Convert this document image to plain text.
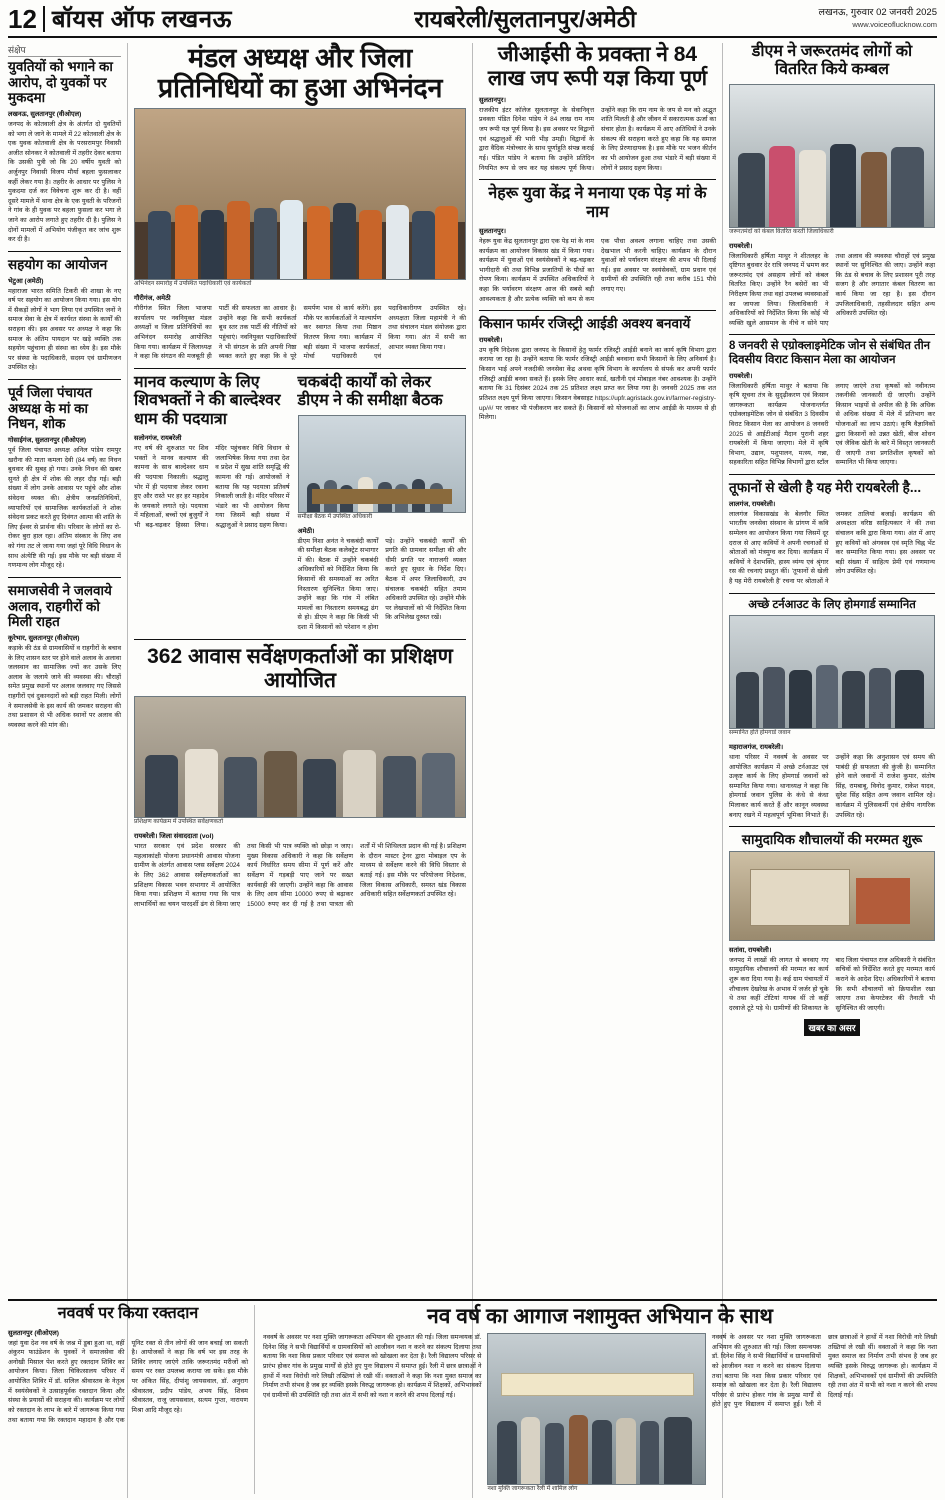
12 बॉयस ऑफ लखनऊ	रायबरेली/सुलतानपुर/अमेठी	लखनऊ, गुरुवार 02 जनवरी 2025
www.voiceoflucknow.com
संक्षेप
युवतियों को भगाने का आरोप, दो युवकों पर मुकदमा
लखनऊ, सुलतानपुर (वीओएल)
जनपद के कोतवाली क्षेत्र के अंतर्गत दो युवतियों को भगा ले जाने के मामले में 22 कोतवाली क्षेत्र के एक युवक कोतवाली क्षेत्र के परसरामपुर निवासी अजीत सोनकर ने कोतवाली में तहरीर देकर बताया कि उसकी पुत्री जो कि 20 वर्षीय युवती को अर्जुनपुर निवासी विजय मौर्या बहला फुसलाकर कहीं लेकर गया है। तहरीर के आधार पर पुलिस ने मुकदमा दर्ज कर विवेचना शुरू कर दी है। वहीं दूसरे मामले में थाना क्षेत्र के एक युवती के परिजनों ने गांव के ही युवक पर बहला फुसला कर भगा ले जाने का आरोप लगाते हुए तहरीर दी है। पुलिस ने दोनों मामलों में अभियोग पंजीकृत कर जांच शुरू कर दी है।
सहयोग का आयोजन
भेटुआ (अमेठी)
महाराजा भारत समिति टिकरी की शाखा के नए वर्ष पर सहयोग का आयोजन किया गया। इस योग में सैकड़ों लोगों ने भाग लिया एवं उपस्थित जनों ने समाज सेवा के क्षेत्र में कार्यरत संस्था के कार्यों की सराहना की। इस अवसर पर अध्यक्ष ने कहा कि समाज के अंतिम पायदान पर खड़े व्यक्ति तक सहयोग पहुंचाना ही संस्था का ध्येय है। इस मौके पर संस्था के पदाधिकारी, सदस्य एवं ग्रामीणजन उपस्थित रहे।
पूर्व जिला पंचायत अध्यक्ष के मां का निधन, शोक
गोसाईगंज, सुलतानपुर (वीओएल)
पूर्व जिला पंचायत अध्यक्ष अनिल पांडेय रामपुर खरौना की माता कमला देवी (84 वर्ष) का निधन बुधवार की सुबह हो गया। उनके निधन की खबर सुनते ही क्षेत्र में शोक की लहर दौड़ गई। बड़ी संख्या में लोग उनके आवास पर पहुंचे और शोक संवेदना व्यक्त की। क्षेत्रीय जनप्रतिनिधियों, व्यापारियों एवं सामाजिक कार्यकर्ताओं ने शोक संवेदना प्रकट करते हुए दिवंगत आत्मा की शांति के लिए ईश्वर से प्रार्थना की। परिवार के लोगों का रो-रोकर बुरा हाल रहा। अंतिम संस्कार के लिए शव को गंगा तट ले जाया गया जहां पूरे विधि विधान के साथ अंत्येष्टि की गई। इस मौके पर बड़ी संख्या में गणमान्य लोग मौजूद रहे।
समाजसेवी ने जलवाये अलाव, राहगीरों को मिली राहत
कूरेभार, सुलतानपुर (वीओएल)
कड़ाके की ठंड से ग्रामवासियों व राहगीरों के बचाव के लिए शासन स्तर पर होने वाले अलाव के अलावा जलस्थान का सामाजिक ज्यों कर उसके लिए अलाव के जलाये जाने की व्यवस्था की। चौराहों समेत प्रमुख स्थानों पर अलाव जलवाए गए जिससे राहगीरों एवं दुकानदारों को बड़ी राहत मिली। लोगों ने समाजसेवी के इस कार्य की जमकर सराहना की तथा प्रशासन से भी अधिक स्थानों पर अलाव की व्यवस्था करने की मांग की।
मंडल अध्यक्ष और जिला प्रतिनिधियों का हुआ अभिनंदन
अभिनंदन समारोह में उपस्थित पदाधिकारी एवं कार्यकर्ता
गौरीगंज, अमेठी
गौरीगंज स्थित जिला भाजपा कार्यालय पर नवनियुक्त मंडल अध्यक्षों व जिला प्रतिनिधियों का अभिनंदन समारोह आयोजित किया गया। कार्यक्रम में जिलाध्यक्ष ने कहा कि संगठन की मजबूती ही पार्टी की सफलता का आधार है। उन्होंने कहा कि सभी कार्यकर्ता बूथ स्तर तक पार्टी की नीतियों को पहुंचाएं। नवनियुक्त पदाधिकारियों ने भी संगठन के प्रति अपनी निष्ठा व्यक्त करते हुए कहा कि वे पूरे समर्पण भाव से कार्य करेंगे। इस मौके पर कार्यकर्ताओं ने माल्यार्पण कर स्वागत किया तथा मिष्ठान वितरण किया गया। कार्यक्रम में बड़ी संख्या में भाजपा कार्यकर्ता, मोर्चा पदाधिकारी एवं पदाधिकारीगण उपस्थित रहे। अध्यक्षता जिला महामंत्री ने की तथा संचालन मंडल संयोजक द्वारा किया गया। अंत में सभी का आभार व्यक्त किया गया।
मानव कल्याण के लिए शिवभक्तों ने की बाल्देश्वर धाम की पदयात्रा
सलोनगंज, रायबरेली
नए वर्ष की शुरुआत पर शिव भक्तों ने मानव कल्याण की कामना के साथ बाल्देश्वर धाम की पदयात्रा निकाली। श्रद्धालु भोर में ही पदयात्रा लेकर रवाना हुए और रास्ते भर हर हर महादेव के जयकारे लगाते रहे। पदयात्रा में महिलाओं, बच्चों एवं बुजुर्गों ने भी बढ़-चढ़कर हिस्सा लिया। मंदिर पहुंचकर विधि विधान से जलाभिषेक किया गया तथा देश व प्रदेश में सुख शांति समृद्धि की कामना की गई। आयोजकों ने बताया कि यह पदयात्रा प्रतिवर्ष निकाली जाती है। मंदिर परिसर में भंडारे का भी आयोजन किया गया जिसमें बड़ी संख्या में श्रद्धालुओं ने प्रसाद ग्रहण किया।
चकबंदी कार्यों को लेकर डीएम ने की समीक्षा बैठक
समीक्षा बैठक में उपस्थित अधिकारी
अमेठी।
डीएम निशा अनंत ने चकबंदी कार्यों की समीक्षा बैठक कलेक्ट्रेट सभागार में की। बैठक में उन्होंने चकबंदी अधिकारियों को निर्देशित किया कि किसानों की समस्याओं का त्वरित निस्तारण सुनिश्चित किया जाए। उन्होंने कहा कि गांव में लंबित मामलों का निस्तारण समयबद्ध ढंग से हो। डीएम ने कहा कि किसी भी दशा में किसानों को परेशान न होना पड़े। उन्होंने चकबंदी कार्यों की प्रगति की ग्रामवार समीक्षा की और धीमी प्रगति पर नाराजगी व्यक्त करते हुए सुधार के निर्देश दिए। बैठक में अपर जिलाधिकारी, उप संचालक चकबंदी सहित तमाम अधिकारी उपस्थित रहे। उन्होंने मौके पर लेखपालों को भी निर्देशित किया कि अभिलेख दुरुस्त रखें।
362 आवास सर्वेक्षणकर्ताओं का प्रशिक्षण आयोजित
प्रशिक्षण कार्यक्रम में उपस्थित सर्वेक्षणकर्ता
रायबरेली। जिला संवाददाता (vol)
भारत सरकार एवं प्रदेश सरकार की महत्वाकांक्षी योजना प्रधानमंत्री आवास योजना ग्रामीण के अंतर्गत आवास प्लस सर्वेक्षण 2024 के लिए 362 आवास सर्वेक्षणकर्ताओं का प्रशिक्षण विकास भवन सभागार में आयोजित किया गया। प्रशिक्षण में बताया गया कि पात्र लाभार्थियों का चयन पारदर्शी ढंग से किया जाए तथा किसी भी पात्र व्यक्ति को छोड़ा न जाए। मुख्य विकास अधिकारी ने कहा कि सर्वेक्षण कार्य निर्धारित समय सीमा में पूर्ण करें और सर्वेक्षण में गड़बड़ी पाए जाने पर सख्त कार्यवाही की जाएगी। उन्होंने कहा कि आवास के लिए आय सीमा 10000 रुपए से बढ़ाकर 15000 रुपए कर दी गई है तथा पात्रता की शर्तों में भी शिथिलता प्रदान की गई है। प्रशिक्षण के दौरान मास्टर ट्रेनर द्वारा मोबाइल एप के माध्यम से सर्वेक्षण करने की विधि विस्तार से बताई गई। इस मौके पर परियोजना निदेशक, जिला विकास अधिकारी, समस्त खंड विकास अधिकारी सहित सर्वेक्षणकर्ता उपस्थित रहे।
जीआईसी के प्रवक्ता ने 84 लाख जप रूपी यज्ञ किया पूर्ण
सुलतानपुर।
राजकीय इंटर कॉलेज सुलतानपुर के सेवानिवृत्त प्रवक्ता पंडित दिनेश पांडेय ने 84 लाख राम नाम जप रूपी यज्ञ पूर्ण किया है। इस अवसर पर विद्वानों एवं श्रद्धालुओं की भारी भीड़ उमड़ी। विद्वानों के द्वारा वैदिक मंत्रोच्चार के साथ पूर्णाहुति संपन्न कराई गई। पंडित पांडेय ने बताया कि उन्होंने प्रतिदिन नियमित रूप से जप कर यह संकल्प पूर्ण किया। उन्होंने कहा कि राम नाम के जप से मन को अद्भुत शांति मिलती है और जीवन में सकारात्मक ऊर्जा का संचार होता है। कार्यक्रम में आए अतिथियों ने उनके संकल्प की सराहना करते हुए कहा कि यह समाज के लिए प्रेरणादायक है। इस मौके पर भजन कीर्तन का भी आयोजन हुआ तथा भंडारे में बड़ी संख्या में लोगों ने प्रसाद ग्रहण किया।
नेहरू युवा केंद्र ने मनाया एक पेड़ मां के नाम
सुलतानपुर।
नेहरू युवा केंद्र सुलतानपुर द्वारा एक पेड़ मां के नाम कार्यक्रम का आयोजन विकास खंड में किया गया। कार्यक्रम में युवाओं एवं स्वयंसेवकों ने बढ़-चढ़कर भागीदारी की तथा विभिन्न प्रजातियों के पौधों का रोपण किया। कार्यक्रम में उपस्थित अधिकारियों ने कहा कि पर्यावरण संरक्षण आज की सबसे बड़ी आवश्यकता है और प्रत्येक व्यक्ति को कम से कम एक पौधा अवश्य लगाना चाहिए तथा उसकी देखभाल भी करनी चाहिए। कार्यक्रम के दौरान युवाओं को पर्यावरण संरक्षण की शपथ भी दिलाई गई। इस अवसर पर स्वयंसेवकों, ग्राम प्रधान एवं ग्रामीणों की उपस्थिति रही तथा करीब 151 पौधे लगाए गए।
किसान फार्मर रजिस्ट्री आईडी अवश्य बनवायें
रायबरेली।
उप कृषि निदेशक द्वारा जनपद के किसानों हेतु फार्मर रजिस्ट्री आईडी बनाने का कार्य कृषि विभाग द्वारा कराया जा रहा है। उन्होंने बताया कि फार्मर रजिस्ट्री आईडी बनवाना सभी किसानों के लिए अनिवार्य है। किसान भाई अपने नजदीकी जनसेवा केंद्र अथवा कृषि विभाग के कार्यालय से संपर्क कर अपनी फार्मर रजिस्ट्री आईडी बनवा सकते हैं। इसके लिए आधार कार्ड, खतौनी एवं मोबाइल नंबर आवश्यक है। उन्होंने बताया कि 31 दिसंबर 2024 तक 25 प्रतिशत लक्ष्य प्राप्त कर लिया गया है। जनवरी 2025 तक शत प्रतिशत लक्ष्य पूर्ण किया जाएगा। किसान वेबसाइट https://upfr.agristack.gov.in/farmer-registry-up/#/ पर जाकर भी पंजीकरण कर सकते हैं। किसानों को योजनाओं का लाभ आईडी के माध्यम से ही मिलेगा।
डीएम ने जरूरतमंद लोगों को वितरित किये कम्बल
जरूरतमंदों को कंबल वितरित करतीं जिलाधिकारी
रायबरेली।
जिलाधिकारी हर्षिता माथुर ने शीतलहर के दृष्टिगत बुधवार देर रात्रि जनपद में भ्रमण कर जरूरतमंद एवं असहाय लोगों को कंबल वितरित किए। उन्होंने रैन बसेरों का भी निरीक्षण किया तथा वहां उपलब्ध व्यवस्थाओं का जायजा लिया। जिलाधिकारी ने अधिकारियों को निर्देशित किया कि कोई भी व्यक्ति खुले आसमान के नीचे न सोने पाए तथा अलाव की व्यवस्था चौराहों एवं प्रमुख स्थानों पर सुनिश्चित की जाए। उन्होंने कहा कि ठंड से बचाव के लिए प्रशासन पूरी तरह सजग है और लगातार कंबल वितरण का कार्य किया जा रहा है। इस दौरान उपजिलाधिकारी, तहसीलदार सहित अन्य अधिकारी उपस्थित रहे।
8 जनवरी से एग्रोक्लाइमेटिक जोन से संबंधित तीन दिवसीय विराट किसान मेला का आयोजन
रायबरेली।
जिलाधिकारी हर्षिता माथुर ने बताया कि कृषि सूचना तंत्र के सुदृढ़ीकरण एवं किसान जागरूकता कार्यक्रम योजनान्तर्गत एग्रोक्लाइमेटिक जोन से संबंधित 3 दिवसीय विराट किसान मेला का आयोजन 8 जनवरी 2025 से आईटीआई मैदान पुरानी शहर रायबरेली में किया जाएगा। मेले में कृषि विभाग, उद्यान, पशुपालन, मत्स्य, गन्ना, सहकारिता सहित विभिन्न विभागों द्वारा स्टॉल लगाए जाएंगे तथा कृषकों को नवीनतम तकनीकी जानकारी दी जाएगी। उन्होंने किसान भाइयों से अपील की है कि अधिक से अधिक संख्या में मेले में प्रतिभाग कर योजनाओं का लाभ उठाएं। कृषि वैज्ञानिकों द्वारा किसानों को उन्नत खेती, बीज शोधन एवं जैविक खेती के बारे में विस्तृत जानकारी दी जाएगी तथा प्रगतिशील कृषकों को सम्मानित भी किया जाएगा।
तूफानों से खेली है यह मेरी रायबरेली है...
लालगंज, रायबरेली।
लालगंज विकासखंड के बेलगौर स्थित भारतीय जनसेवा संस्थान के प्रांगण में कवि सम्मेलन का आयोजन किया गया जिसमें दूर दराज से आए कवियों ने अपनी रचनाओं से श्रोताओं को मंत्रमुग्ध कर दिया। कार्यक्रम में कवियों ने देशभक्ति, हास्य व्यंग्य एवं श्रृंगार रस की रचनाएं प्रस्तुत कीं। 'तूफानों से खेली है यह मेरी रायबरेली है' रचना पर श्रोताओं ने जमकर तालियां बजाईं। कार्यक्रम की अध्यक्षता वरिष्ठ साहित्यकार ने की तथा संचालन कवि द्वारा किया गया। अंत में आए हुए कवियों को अंगवस्त्र एवं स्मृति चिह्न भेंट कर सम्मानित किया गया। इस अवसर पर बड़ी संख्या में साहित्य प्रेमी एवं गणमान्य लोग उपस्थित रहे।
अच्छे टर्नआउट के लिए होमगार्ड सम्मानित
सम्मानित होते होमगार्ड जवान
महाराजगंज, रायबरेली।
थाना परिसर में नववर्ष के अवसर पर आयोजित कार्यक्रम में अच्छे टर्नआउट एवं उत्कृष्ट कार्य के लिए होमगार्ड जवानों को सम्मानित किया गया। थानाध्यक्ष ने कहा कि होमगार्ड जवान पुलिस के कंधे से कंधा मिलाकर कार्य करते हैं और कानून व्यवस्था बनाए रखने में महत्वपूर्ण भूमिका निभाते हैं। उन्होंने कहा कि अनुशासन एवं समय की पाबंदी ही सफलता की कुंजी है। सम्मानित होने वाले जवानों में राजेश कुमार, संतोष सिंह, रामबाबू, विनोद कुमार, राकेश यादव, सुरेश सिंह सहित अन्य जवान शामिल रहे। कार्यक्रम में पुलिसकर्मी एवं क्षेत्रीय नागरिक उपस्थित रहे।
सामुदायिक शौचालयों की मरम्मत शुरू
सतांवा, रायबरेली।
जनपद में लाखों की लागत से बनवाए गए सामुदायिक शौचालयों की मरम्मत का कार्य शुरू करा दिया गया है। कई ग्राम पंचायतों में शौचालय देखरेख के अभाव में जर्जर हो चुके थे तथा कहीं टोटियां गायब थीं तो कहीं दरवाजे टूटे पड़े थे। ग्रामीणों की शिकायत के बाद जिला पंचायत राज अधिकारी ने संबंधित सचिवों को निर्देशित करते हुए मरम्मत कार्य कराने के आदेश दिए। अधिकारियों ने बताया कि सभी शौचालयों को क्रियाशील रखा जाएगा तथा केयरटेकर की तैनाती भी सुनिश्चित की जाएगी।
खबर का असर
नववर्ष पर किया रक्तदान
सुलतानपुर (वीओएल)
जहां युवा देश नव वर्ष के जश्न में डूबा हुआ था, वहीं अंकुरम फाउंडेशन के युवकों ने समाजसेवा की अनोखी मिसाल पेश करते हुए रक्तदान शिविर का आयोजन किया। जिला चिकित्सालय परिसर में आयोजित शिविर में डॉ. सलिल श्रीवास्तव के नेतृत्व में स्वयंसेवकों ने उत्साहपूर्वक रक्तदान किया और संस्था के प्रयासों की सराहना की। कार्यक्रम पर लोगों को रक्तदान के लाभ के बारे में जागरूक किया गया तथा बताया गया कि रक्तदान महादान है और एक यूनिट रक्त से तीन लोगों की जान बचाई जा सकती है। आयोजकों ने कहा कि वर्ष भर इस तरह के शिविर लगाए जाएंगे ताकि जरूरतमंद मरीजों को समय पर रक्त उपलब्ध कराया जा सके। इस मौके पर अंकित सिंह, दीपांशु जायसवाल, डॉ. अनुराग श्रीवास्तव, प्रदीप पांडेय, अभय सिंह, शिवम श्रीवास्तव, राजू जायसवाल, सत्यम गुप्ता, नारायण मिश्रा आदि मौजूद रहे।
नव वर्ष का आगाज नशामुक्त अभियान के साथ
नववर्ष के अवसर पर नशा मुक्ति जागरूकता अभियान की शुरुआत की गई। जिला समन्वयक डॉ. दिनेश सिंह ने सभी विद्यार्थियों व ग्रामवासियों को आजीवन नशा न करने का संकल्प दिलाया तथा बताया कि नशा किस प्रकार परिवार एवं समाज को खोखला कर देता है। रैली विद्यालय परिसर से प्रारंभ होकर गांव के प्रमुख मार्गों से होते हुए पुनः विद्यालय में समाप्त हुई। रैली में छात्र छात्राओं ने हाथों में नशा विरोधी नारे लिखी तख्तियां ले रखी थीं। वक्ताओं ने कहा कि नशा मुक्त समाज का निर्माण तभी संभव है जब हर व्यक्ति इसके विरुद्ध जागरूक हो। कार्यक्रम में शिक्षकों, अभिभावकों एवं ग्रामीणों की उपस्थिति रही तथा अंत में सभी को नशा न करने की शपथ दिलाई गई।
नशा मुक्ति जागरूकता रैली में शामिल लोग
नववर्ष के अवसर पर नशा मुक्ति जागरूकता अभियान की शुरुआत की गई। जिला समन्वयक डॉ. दिनेश सिंह ने सभी विद्यार्थियों व ग्रामवासियों को आजीवन नशा न करने का संकल्प दिलाया तथा बताया कि नशा किस प्रकार परिवार एवं समाज को खोखला कर देता है। रैली विद्यालय परिसर से प्रारंभ होकर गांव के प्रमुख मार्गों से होते हुए पुनः विद्यालय में समाप्त हुई। रैली में छात्र छात्राओं ने हाथों में नशा विरोधी नारे लिखी तख्तियां ले रखी थीं। वक्ताओं ने कहा कि नशा मुक्त समाज का निर्माण तभी संभव है जब हर व्यक्ति इसके विरुद्ध जागरूक हो। कार्यक्रम में शिक्षकों, अभिभावकों एवं ग्रामीणों की उपस्थिति रही तथा अंत में सभी को नशा न करने की शपथ दिलाई गई।
